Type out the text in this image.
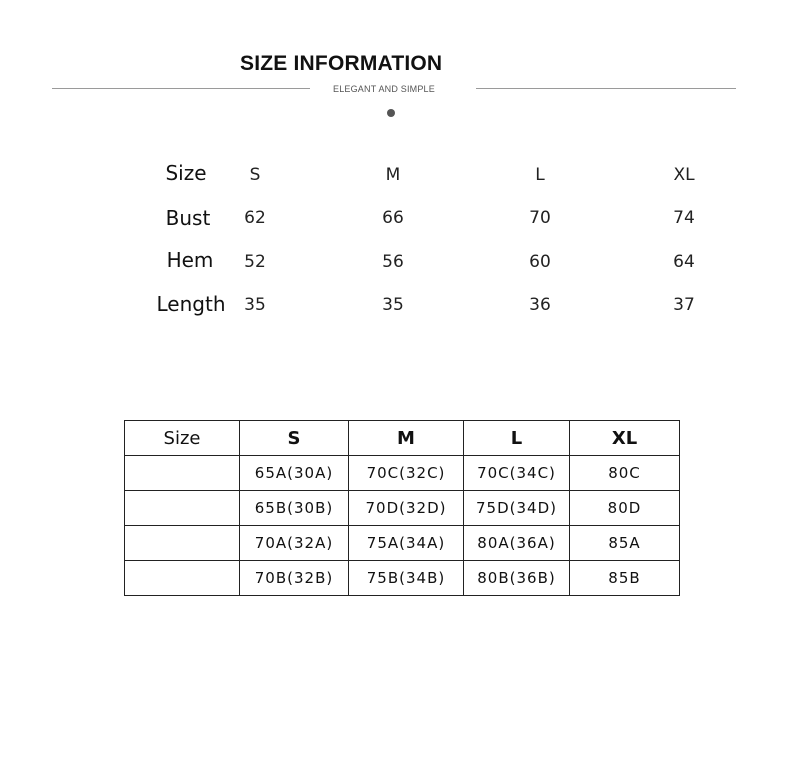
SIZE INFORMATION
ELEGANT AND SIMPLE
Size	S	M	L	XL
Bust 62	66	70	74
Hem 52	56	60	64
Length 35	35	36	37
Size	S	M	L	XL
	65A(30A)	70C(32C)	70C(34C)	80C
	65B(30B)	70D(32D)	75D(34D)	80D
	70A(32A)	75A(34A)	80A(36A)	85A
	70B(32B)	75B(34B)	80B(36B)	85B
